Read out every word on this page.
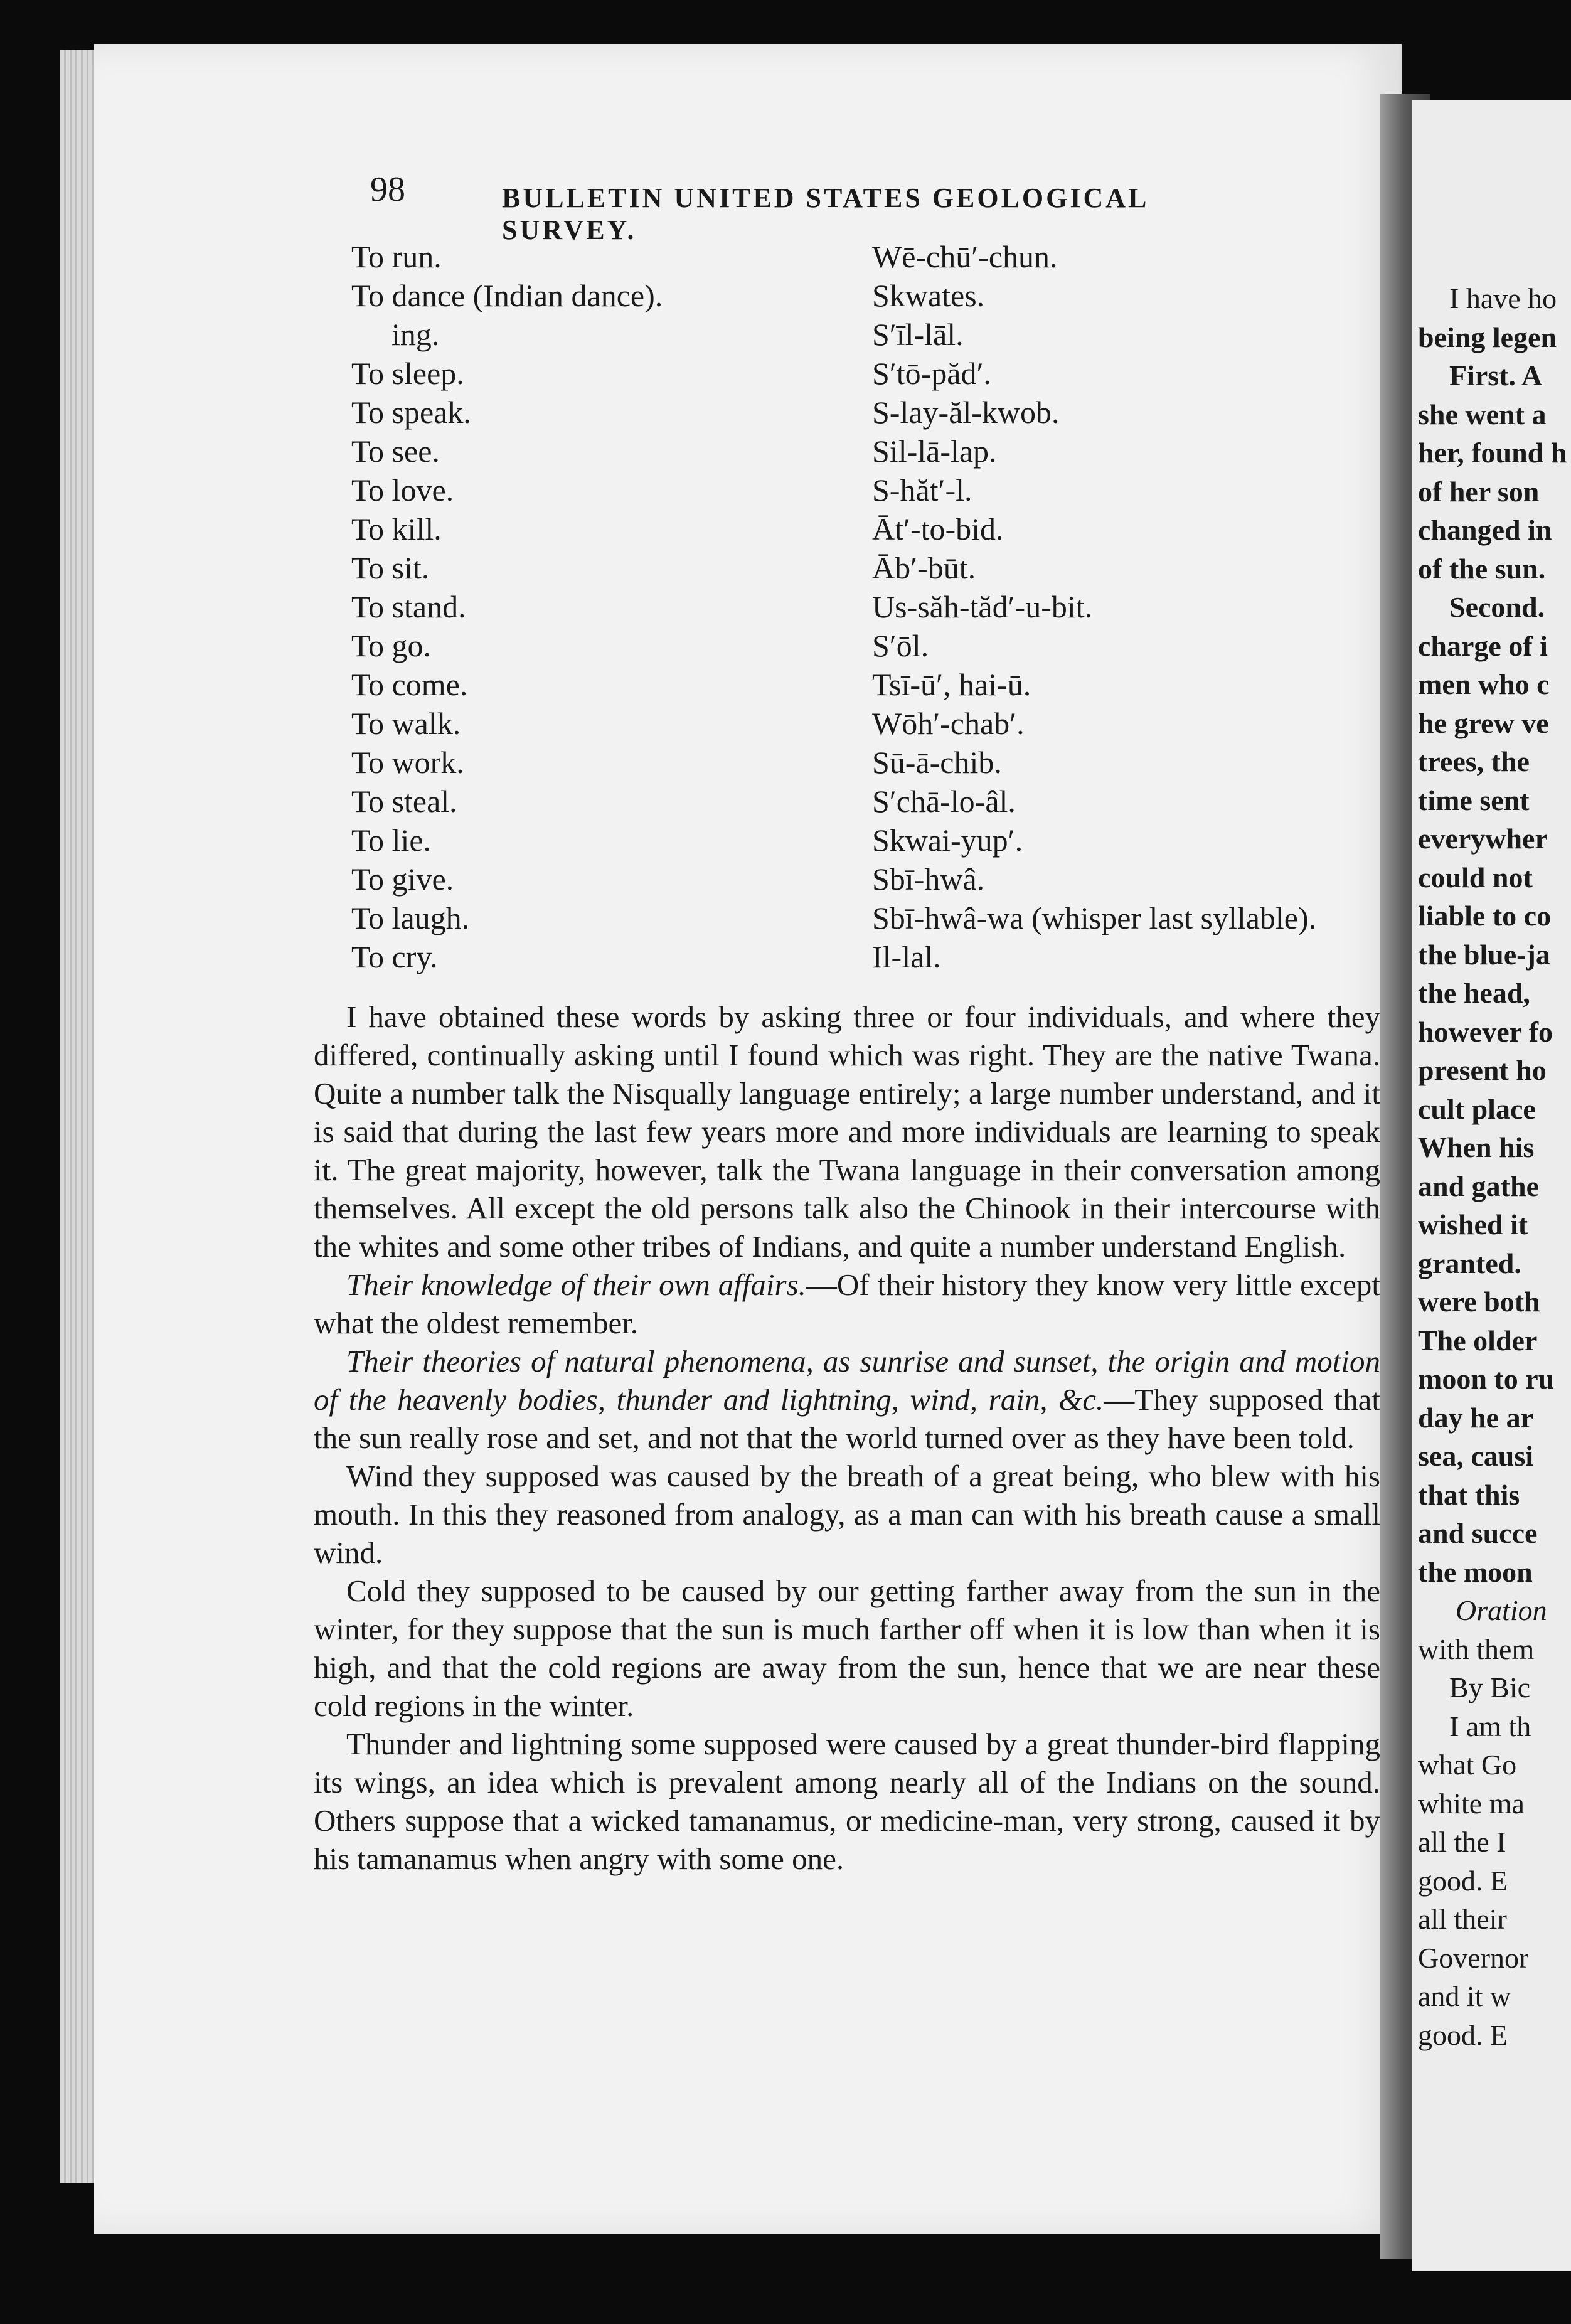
I have ho
being legen
First. A
she went a
her, found h
of her son
changed in
of the sun.
Second.
charge of i
men who c
he grew ve
trees, the
time sent
everywher
could not
liable to co
the blue-ja
the head,
however fo
present ho
cult place
When his
and gathe
wished it
granted.
were both
The older
moon to ru
day he ar
sea, causi
that this
and succe
the moon
Oration
with them
By Bic
I am th
what Go
white ma
all the I
good. E
all their
Governor
and it w
good. E
98	BULLETIN UNITED STATES GEOLOGICAL SURVEY.
To run.	Wē-chū′-chun.
To dance (Indian dance).	Skwates.
ing.	S′īl-lāl.
To sleep.	S′tō-păd′.
To speak.	S-lay-ăl-kwob.
To see.	Sil-lā-lap.
To love.	S-hăt′-l.
To kill.	Āt′-to-bid.
To sit.	Āb′-būt.
To stand.	Us-săh-tăd′-u-bit.
To go.	S′ōl.
To come.	Tsī-ū′, hai-ū.
To walk.	Wōh′-chab′.
To work.	Sū-ā-chib.
To steal.	S′chā-lo-âl.
To lie.	Skwai-yup′.
To give.	Sbī-hwâ.
To laugh.	Sbī-hwâ-wa (whisper last syllable).
To cry.	Il-lal.

I have obtained these words by asking three or four individuals, and where they differed, continually asking until I found which was right. They are the native Twana. Quite a number talk the Nisqually language entirely; a large number understand, and it is said that during the last few years more and more individuals are learning to speak it. The great majority, however, talk the Twana language in their conversation among themselves. All except the old persons talk also the Chinook in their intercourse with the whites and some other tribes of Indians, and quite a number understand English.

Their knowledge of their own affairs.—Of their history they know very little except what the oldest remember.

Their theories of natural phenomena, as sunrise and sunset, the origin and motion of the heavenly bodies, thunder and lightning, wind, rain, &c.—They supposed that the sun really rose and set, and not that the world turned over as they have been told.

Wind they supposed was caused by the breath of a great being, who blew with his mouth. In this they reasoned from analogy, as a man can with his breath cause a small wind.

Cold they supposed to be caused by our getting farther away from the sun in the winter, for they suppose that the sun is much farther off when it is low than when it is high, and that the cold regions are away from the sun, hence that we are near these cold regions in the winter.

Thunder and lightning some supposed were caused by a great thunder-bird flapping its wings, an idea which is prevalent among nearly all of the Indians on the sound. Others suppose that a wicked tamanamus, or medicine-man, very strong, caused it by his tamanamus when angry with some one.
